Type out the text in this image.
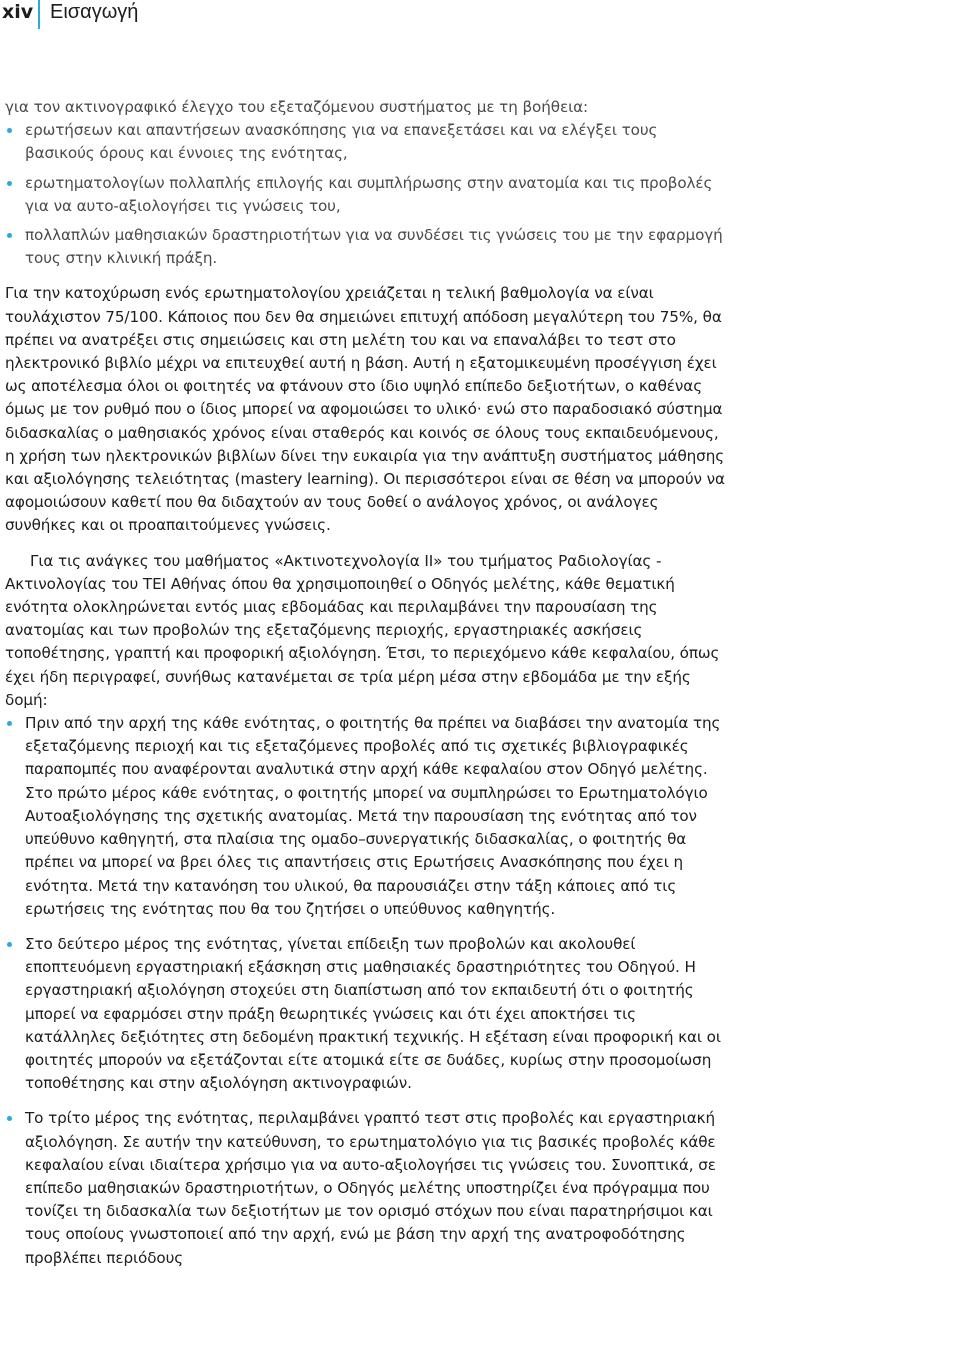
xiv Εισαγωγή

για τον ακτινογραφικό έλεγχο του εξεταζόμενου συστήματος με τη βοήθεια:

ερωτήσεων και απαντήσεων ανασκόπησης για να επανεξετάσει και να ελέγξει τους βασικούς όρους και έννοιες της ενότητας,
ερωτηματολογίων πολλαπλής επιλογής και συμπλήρωσης στην ανατομία και τις προβολές για να αυτο-αξιολογήσει τις γνώσεις του,
πολλαπλών μαθησιακών δραστηριοτήτων για να συνδέσει τις γνώσεις του με την εφαρμογή τους στην κλινική πράξη.

Για την κατοχύρωση ενός ερωτηματολογίου χρειάζεται η τελική βαθμολογία να είναι τουλάχιστον 75/100. Κάποιος που δεν θα σημειώνει επιτυχή απόδοση μεγαλύτερη του 75%, θα πρέπει να ανατρέξει στις σημειώσεις και στη μελέτη του και να επαναλάβει το τεστ στο ηλεκτρονικό βιβλίο μέχρι να επιτευχθεί αυτή η βάση. Αυτή η εξατομικευμένη προσέγγιση έχει ως αποτέλεσμα όλοι οι φοιτητές να φτάνουν στο ίδιο υψηλό επίπεδο δεξιοτήτων, ο καθένας όμως με τον ρυθμό που ο ίδιος μπορεί να αφομοιώσει το υλικό· ενώ στο παραδοσιακό σύστημα διδασκαλίας ο μαθησιακός χρόνος είναι σταθερός και κοινός σε όλους τους εκπαιδευόμενους, η χρήση των ηλεκτρονικών βιβλίων δίνει την ευκαιρία για την ανάπτυξη συστήματος μάθησης και αξιολόγησης τελειότητας (mastery learning). Οι περισσότεροι είναι σε θέση να μπορούν να αφομοιώσουν καθετί που θα διδαχτούν αν τους δοθεί ο ανάλογος χρόνος, οι ανάλογες συνθήκες και οι προαπαιτούμενες γνώσεις.

Για τις ανάγκες του μαθήματος «Ακτινοτεχνολογία ΙΙ» του τμήματος Ραδιολογίας - Ακτινολογίας του ΤΕΙ Αθήνας όπου θα χρησιμοποιηθεί ο Οδηγός μελέτης, κάθε θεματική ενότητα ολοκληρώνεται εντός μιας εβδομάδας και περιλαμβάνει την παρουσίαση της ανατομίας και των προβολών της εξεταζόμενης περιοχής, εργαστηριακές ασκήσεις τοποθέτησης, γραπτή και προφορική αξιολόγηση. Έτσι, το περιεχόμενο κάθε κεφαλαίου, όπως έχει ήδη περιγραφεί, συνήθως κατανέμεται σε τρία μέρη μέσα στην εβδομάδα με την εξής δομή:

Πριν από την αρχή της κάθε ενότητας, ο φοιτητής θα πρέπει να διαβάσει την ανατομία της εξεταζόμενης περιοχή και τις εξεταζόμενες προβολές από τις σχετικές βιβλιογραφικές παραπομπές που αναφέρονται αναλυτικά στην αρχή κάθε κεφαλαίου στον Οδηγό μελέτης. Στο πρώτο μέρος κάθε ενότητας, ο φοιτητής μπορεί να συμπληρώσει το Ερωτηματολόγιο Αυτοαξιολόγησης της σχετικής ανατομίας. Μετά την παρουσίαση της ενότητας από τον υπεύθυνο καθηγητή, στα πλαίσια της ομαδο–συνεργατικής διδασκαλίας, ο φοιτητής θα πρέπει να μπορεί να βρει όλες τις απαντήσεις στις Ερωτήσεις Ανασκόπησης που έχει η ενότητα. Μετά την κατανόηση του υλικού, θα παρουσιάζει στην τάξη κάποιες από τις ερωτήσεις της ενότητας που θα του ζητήσει ο υπεύθυνος καθηγητής.
Στο δεύτερο μέρος της ενότητας, γίνεται επίδειξη των προβολών και ακολουθεί εποπτευόμενη εργαστηριακή εξάσκηση στις μαθησιακές δραστηριότητες του Οδηγού. Η εργαστηριακή αξιολόγηση στοχεύει στη διαπίστωση από τον εκπαιδευτή ότι ο φοιτητής μπορεί να εφαρμόσει στην πράξη θεωρητικές γνώσεις και ότι έχει αποκτήσει τις κατάλληλες δεξιότητες στη δεδομένη πρακτική τεχνικής. Η εξέταση είναι προφορική και οι φοιτητές μπορούν να εξετάζονται είτε ατομικά είτε σε δυάδες, κυρίως στην προσομοίωση τοποθέτησης και στην αξιολόγηση ακτινογραφιών.
Το τρίτο μέρος της ενότητας, περιλαμβάνει γραπτό τεστ στις προβολές και εργαστηριακή αξιολόγηση. Σε αυτήν την κατεύθυνση, το ερωτηματολόγιο για τις βασικές προβολές κάθε κεφαλαίου είναι ιδιαίτερα χρήσιμο για να αυτο-αξιολογήσει τις γνώσεις του. Συνοπτικά, σε επίπεδο μαθησιακών δραστηριοτήτων, ο Οδηγός μελέτης υποστηρίζει ένα πρόγραμμα που τονίζει τη διδασκαλία των δεξιοτήτων με τον ορισμό στόχων που είναι παρατηρήσιμοι και τους οποίους γνωστοποιεί από την αρχή, ενώ με βάση την αρχή της ανατροφοδότησης προβλέπει περιόδους
